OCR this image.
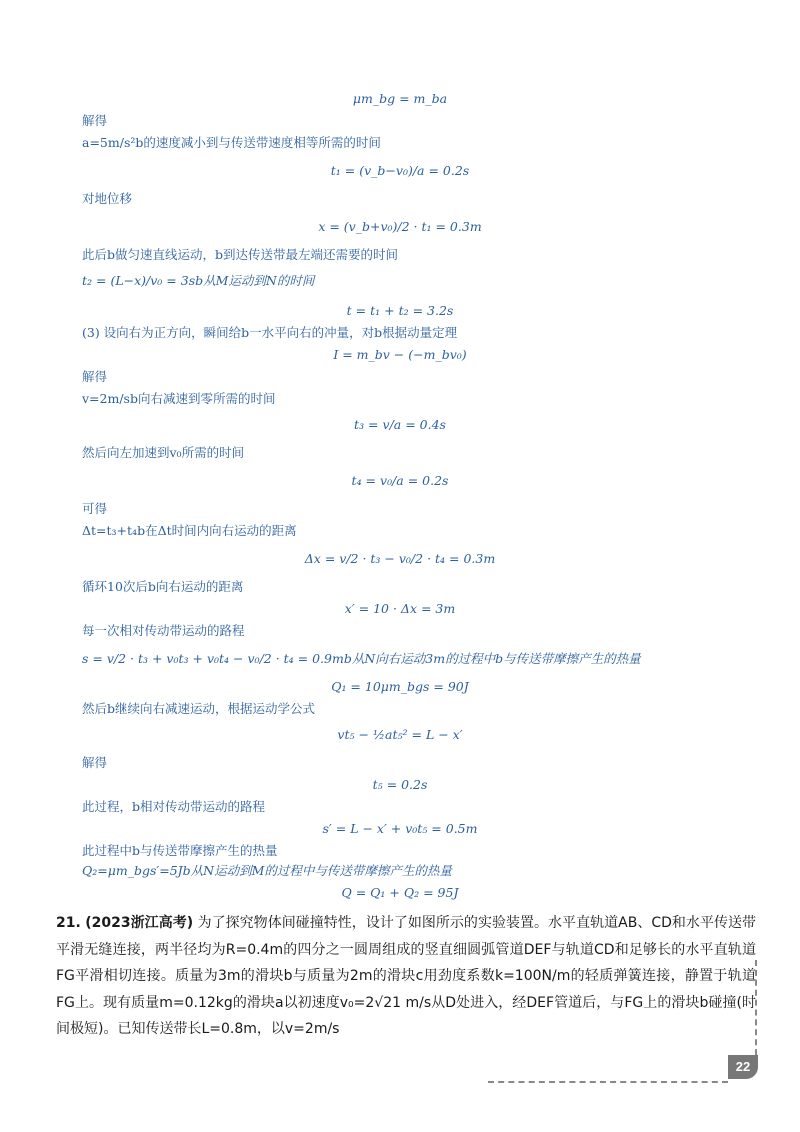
μm_bg = m_ba
解得
a=5m/s²b的速度减小到与传送带速度相等所需的时间
t₁ = (v_b−v₀)/a = 0.2s
对地位移
x = (v_b+v₀)/2 · t₁ = 0.3m
此后b做匀速直线运动，b到达传送带最左端还需要的时间
t₂ = (L−x)/v₀ = 3sb从M运动到N的时间
t = t₁ + t₂ = 3.2s
(3) 设向右为正方向，瞬间给b一水平向右的冲量，对b根据动量定理
I = m_bv − (−m_bv₀)
解得
v=2m/sb向右减速到零所需的时间
t₃ = v/a = 0.4s
然后向左加速到v₀所需的时间
t₄ = v₀/a = 0.2s
可得
Δt=t₃+t₄b在Δt时间内向右运动的距离
Δx = v/2 · t₃ − v₀/2 · t₄ = 0.3m
循环10次后b向右运动的距离
x′ = 10 · Δx = 3m
每一次相对传动带运动的路程
s = v/2 · t₃ + v₀t₃ + v₀t₄ − v₀/2 · t₄ = 0.9mb从N向右运动3m的过程中b与传送带摩擦产生的热量
Q₁ = 10μm_bgs = 90J
然后b继续向右减速运动，根据运动学公式
vt₅ − ½at₅² = L − x′
解得
t₅ = 0.2s
此过程，b相对传动带运动的路程
s′ = L − x′ + v₀t₅ = 0.5m
此过程中b与传送带摩擦产生的热量
Q₂=μm_bgs′=5Jb从N运动到M的过程中与传送带摩擦产生的热量
Q = Q₁ + Q₂ = 95J
21. (2023浙江高考) 为了探究物体间碰撞特性，设计了如图所示的实验装置。水平直轨道AB、CD和水平传送带平滑无缝连接，两半径均为R=0.4m的四分之一圆周组成的竖直细圆弧管道DEF与轨道CD和足够长的水平直轨道FG平滑相切连接。质量为3m的滑块b与质量为2m的滑块c用劲度系数k=100N/m的轻质弹簧连接，静置于轨道FG上。现有质量m=0.12kg的滑块a以初速度v₀=2√21 m/s从D处进入，经DEF管道后，与FG上的滑块b碰撞(时间极短)。已知传送带长L=0.8m，以v=2m/s
22
